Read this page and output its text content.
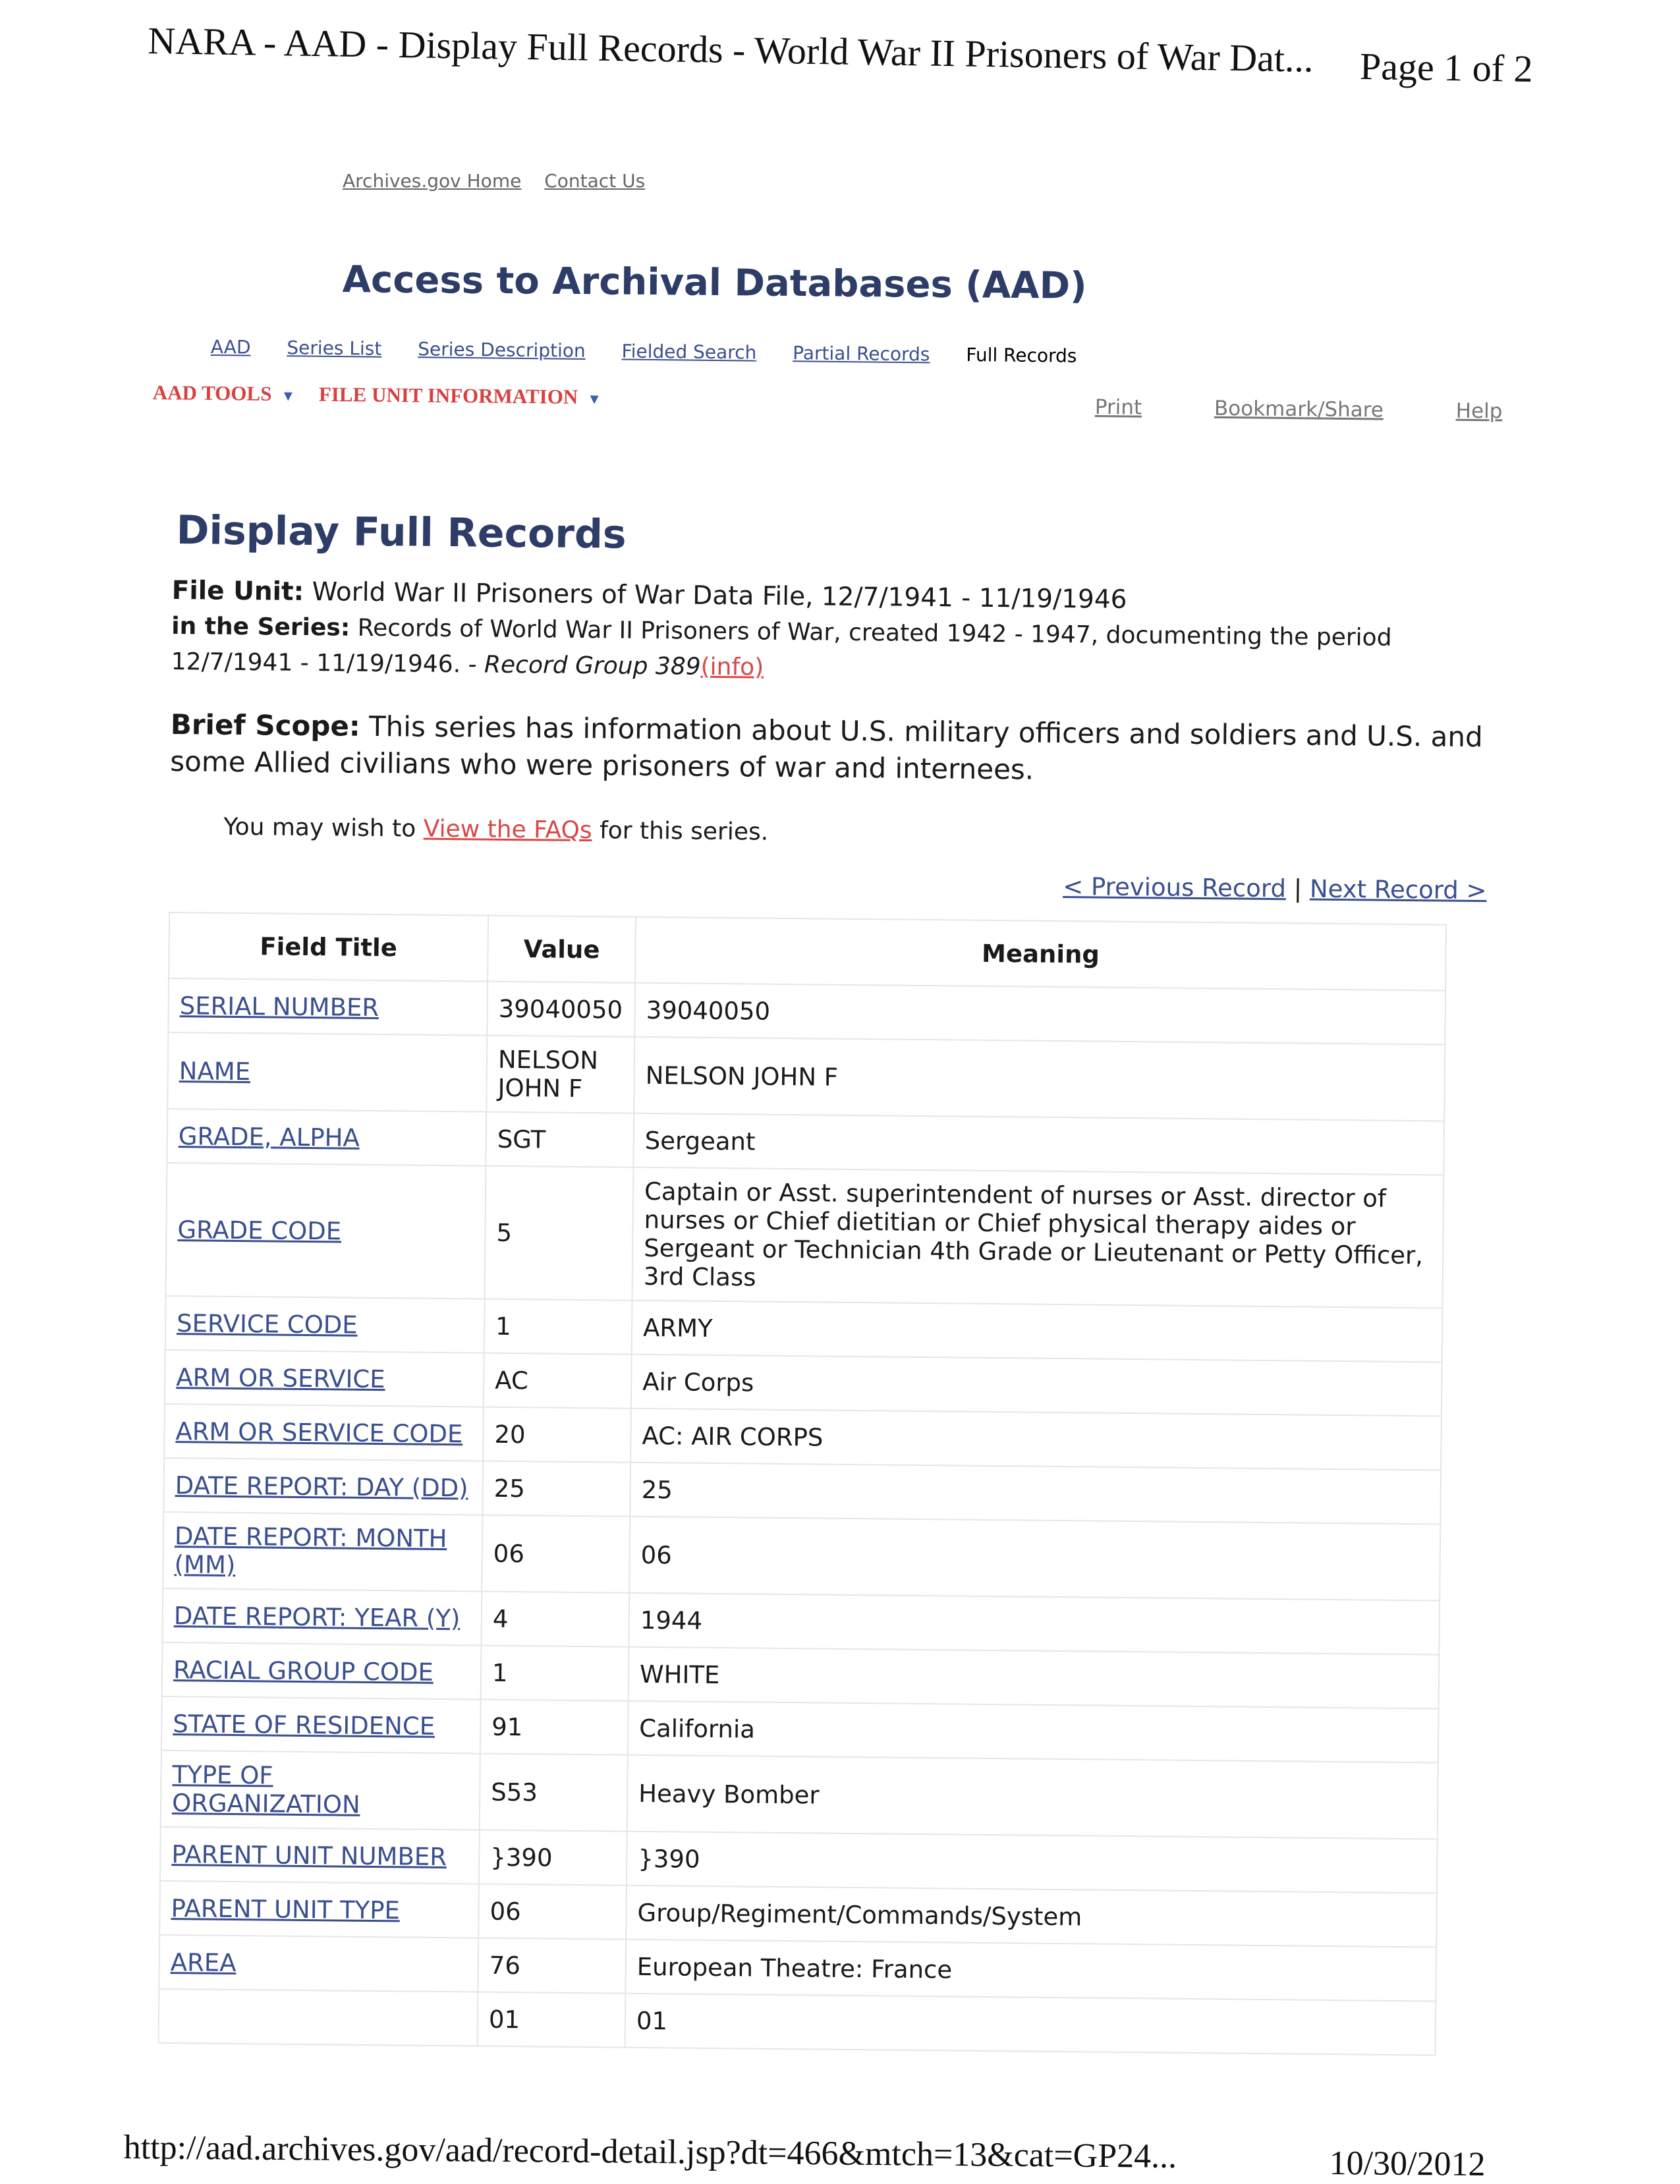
NARA - AAD - Display Full Records - World War II Prisoners of War Dat... Page 1 of 2
Archives.gov Home Contact Us
Access to Archival Databases (AAD)
AAD Series List Series Description Fielded Search Partial Records Full Records
AAD TOOLS ▼ FILE UNIT INFORMATION ▼	Print	Bookmark/Share	Help
Display Full Records
File Unit: World War II Prisoners of War Data File, 12/7/1941 - 11/19/1946
in the Series: Records of World War II Prisoners of War, created 1942 - 1947, documenting the period 12/7/1941 - 11/19/1946. - Record Group 389(info)
Brief Scope: This series has information about U.S. military officers and soldiers and U.S. and some Allied civilians who were prisoners of war and internees.
You may wish to View the FAQs for this series.
< Previous Record | Next Record >
Field Title	Value	Meaning
SERIAL NUMBER	39040050	39040050
NAME	NELSON JOHN F	NELSON JOHN F
GRADE, ALPHA	SGT	Sergeant
GRADE CODE	5	Captain or Asst. superintendent of nurses or Asst. director of nurses or Chief dietitian or Chief physical therapy aides or Sergeant or Technician 4th Grade or Lieutenant or Petty Officer, 3rd Class
SERVICE CODE	1	ARMY
ARM OR SERVICE	AC	Air Corps
ARM OR SERVICE CODE	20	AC: AIR CORPS
DATE REPORT: DAY (DD)	25	25
DATE REPORT: MONTH (MM)	06	06
DATE REPORT: YEAR (Y)	4	1944
RACIAL GROUP CODE	1	WHITE
STATE OF RESIDENCE	91	California
TYPE OF ORGANIZATION	S53	Heavy Bomber
PARENT UNIT NUMBER	}390	}390
PARENT UNIT TYPE	06	Group/Regiment/Commands/System
AREA	76	European Theatre: France
	01	01
http://aad.archives.gov/aad/record-detail.jsp?dt=466&mtch=13&cat=GP24...	10/30/2012
